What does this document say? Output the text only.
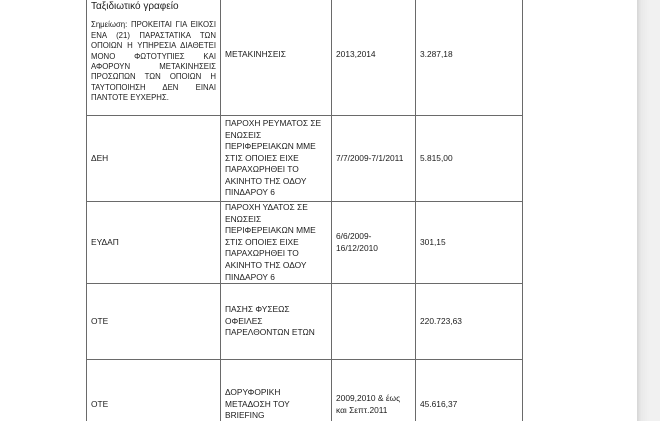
Ταξιδιωτικό γραφείο
Σημείωση: ΠΡΟΚΕΙΤΑΙ ΓΙΑ ΕΙΚΟΣΙ ΕΝΑ (21) ΠΑΡΑΣΤΑΤΙΚΑ ΤΩΝ ΟΠΟΙΩΝ Η ΥΠΗΡΕΣΙΑ ΔΙΑΘΕΤΕΙ ΜΟΝΟ ΦΩΤΟΤΥΠΙΕΣ ΚΑΙ ΑΦΟΡΟΥΝ ΜΕΤΑΚΙΝΗΣΕΙΣ ΠΡΟΣΩΠΩΝ ΤΩΝ ΟΠΟΙΩΝ Η ΤΑΥΤΟΠΟΙΗΣΗ ΔΕΝ ΕΙΝΑΙ ΠΑΝΤΟΤΕ ΕΥΧΕΡΗΣ.	ΜΕΤΑΚΙΝΗΣΕΙΣ	2013,2014	3.287,18
ΔΕΗ	ΠΑΡΟΧΗ ΡΕΥΜΑΤΟΣ ΣΕ ΕΝΩΣΕΙΣ ΠΕΡΙΦΕΡΕΙΑΚΩΝ ΜΜΕ ΣΤΙΣ ΟΠΟΙΕΣ ΕΙΧΕ ΠΑΡΑΧΩΡΗΘΕΙ ΤΟ ΑΚΙΝΗΤΟ ΤΗΣ ΟΔΟΥ ΠΙΝΔΑΡΟΥ 6	7/7/2009-7/1/2011	5.815,00
ΕΥΔΑΠ	ΠΑΡΟΧΗ ΥΔΑΤΟΣ ΣΕ ΕΝΩΣΕΙΣ ΠΕΡΙΦΕΡΕΙΑΚΩΝ ΜΜΕ ΣΤΙΣ ΟΠΟΙΕΣ ΕΙΧΕ ΠΑΡΑΧΩΡΗΘΕΙ ΤΟ ΑΚΙΝΗΤΟ ΤΗΣ ΟΔΟΥ ΠΙΝΔΑΡΟΥ 6	6/6/2009-16/12/2010	301,15
ΟΤΕ	ΠΑΣΗΣ ΦΥΣΕΩΣ ΟΦΕΙΛΕΣ ΠΑΡΕΛΘΟΝΤΩΝ ΕΤΩΝ		220.723,63
ΟΤΕ	ΔΟΡΥΦΟΡΙΚΗ ΜΕΤΑΔΟΣΗ ΤΟΥ BRIEFING	2009,2010 & έως και Σεπτ.2011	45.616,37
